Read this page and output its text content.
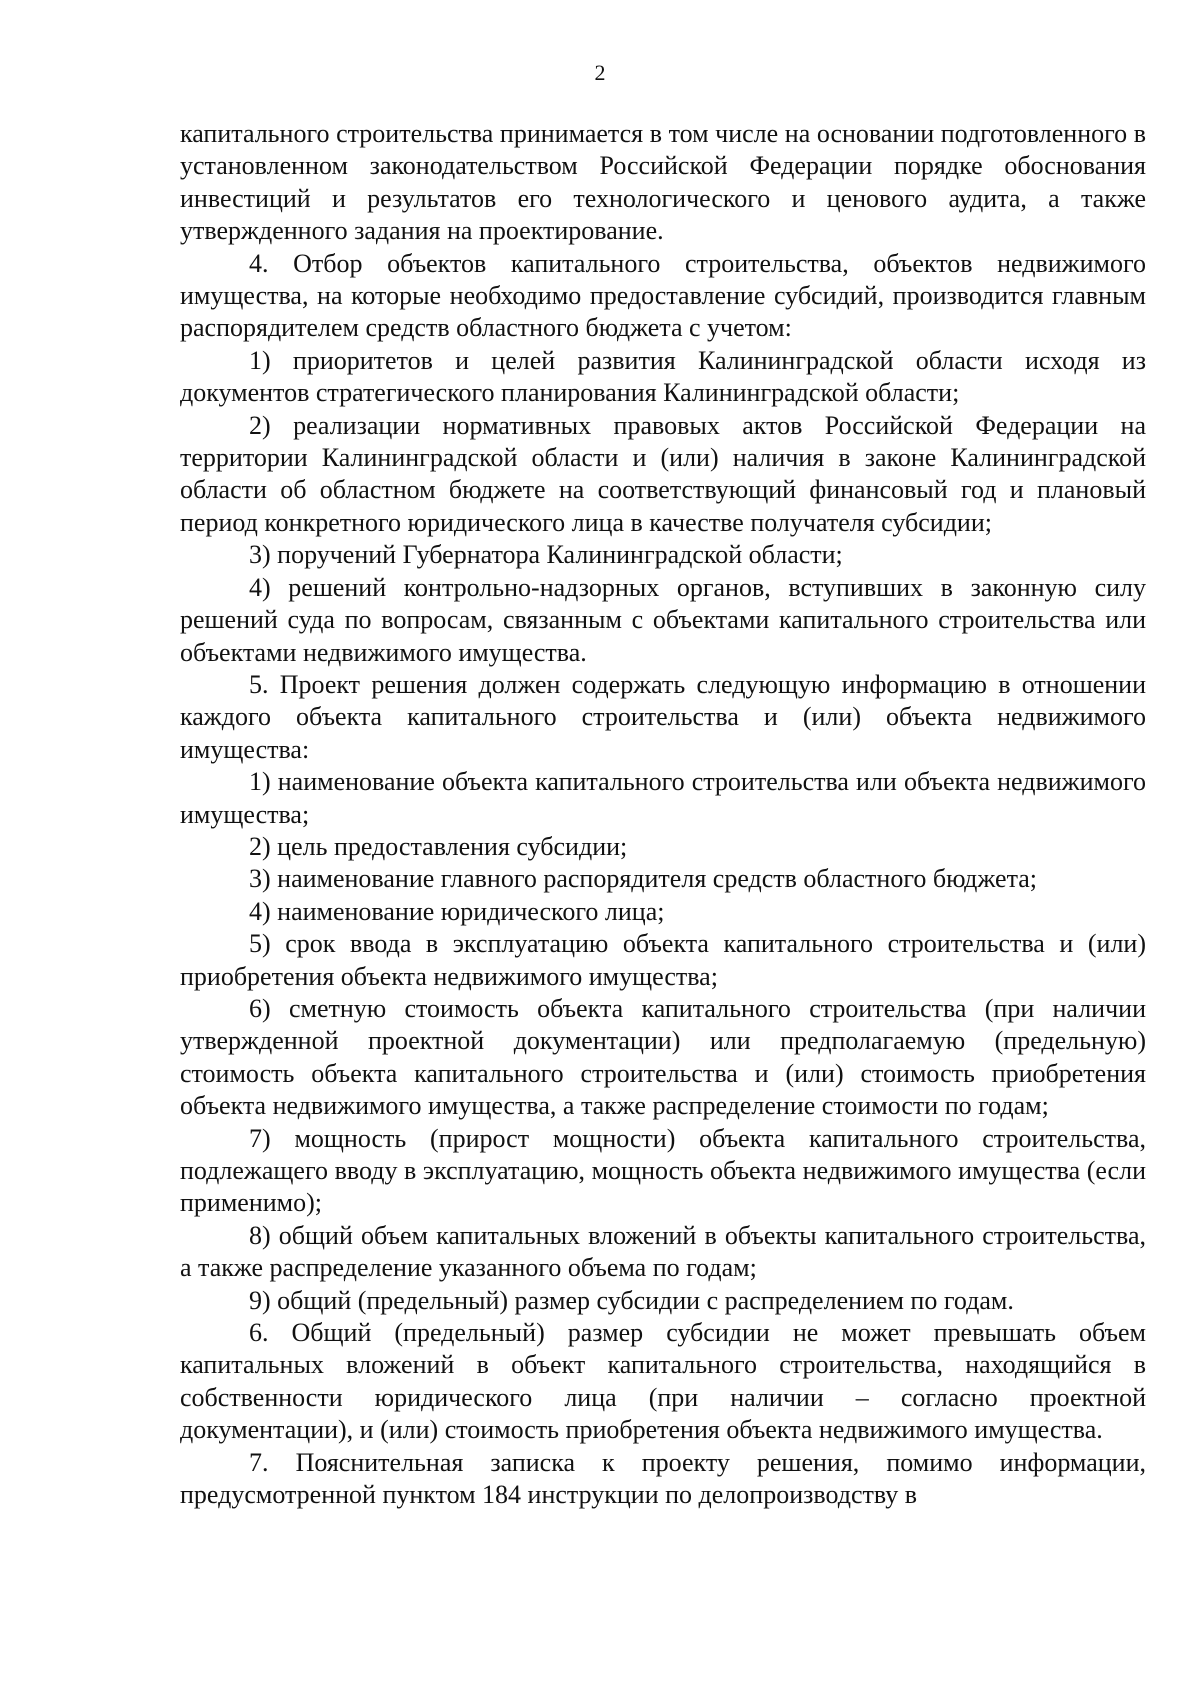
2

капитального строительства принимается в том числе на основании подготовленного в установленном законодательством Российской Федерации порядке обоснования инвестиций и результатов его технологического и ценового аудита, а также утвержденного задания на проектирование.

4. Отбор объектов капитального строительства, объектов недвижимого имущества, на которые необходимо предоставление субсидий, производится главным распорядителем средств областного бюджета с учетом:

1) приоритетов и целей развития Калининградской области исходя из документов стратегического планирования Калининградской области;

2) реализации нормативных правовых актов Российской Федерации на территории Калининградской области и (или) наличия в законе Калининградской области об областном бюджете на соответствующий финансовый год и плановый период конкретного юридического лица в качестве получателя субсидии;

3) поручений Губернатора Калининградской области;

4) решений контрольно-надзорных органов, вступивших в законную силу решений суда по вопросам, связанным с объектами капитального строительства или объектами недвижимого имущества.

5. Проект решения должен содержать следующую информацию в отношении каждого объекта капитального строительства и (или) объекта недвижимого имущества:

1) наименование объекта капитального строительства или объекта недвижимого имущества;

2) цель предоставления субсидии;

3) наименование главного распорядителя средств областного бюджета;

4) наименование юридического лица;

5) срок ввода в эксплуатацию объекта капитального строительства и (или) приобретения объекта недвижимого имущества;

6) сметную стоимость объекта капитального строительства (при наличии утвержденной проектной документации) или предполагаемую (предельную) стоимость объекта капитального строительства и (или) стоимость приобретения объекта недвижимого имущества, а также распределение стоимости по годам;

7) мощность (прирост мощности) объекта капитального строительства, подлежащего вводу в эксплуатацию, мощность объекта недвижимого имущества (если применимо);

8) общий объем капитальных вложений в объекты капитального строительства, а также распределение указанного объема по годам;

9) общий (предельный) размер субсидии с распределением по годам.

6. Общий (предельный) размер субсидии не может превышать объем капитальных вложений в объект капитального строительства, находящийся в собственности юридического лица (при наличии – согласно проектной документации), и (или) стоимость приобретения объекта недвижимого имущества.

7. Пояснительная записка к проекту решения, помимо информации, предусмотренной пунктом 184 инструкции по делопроизводству в
